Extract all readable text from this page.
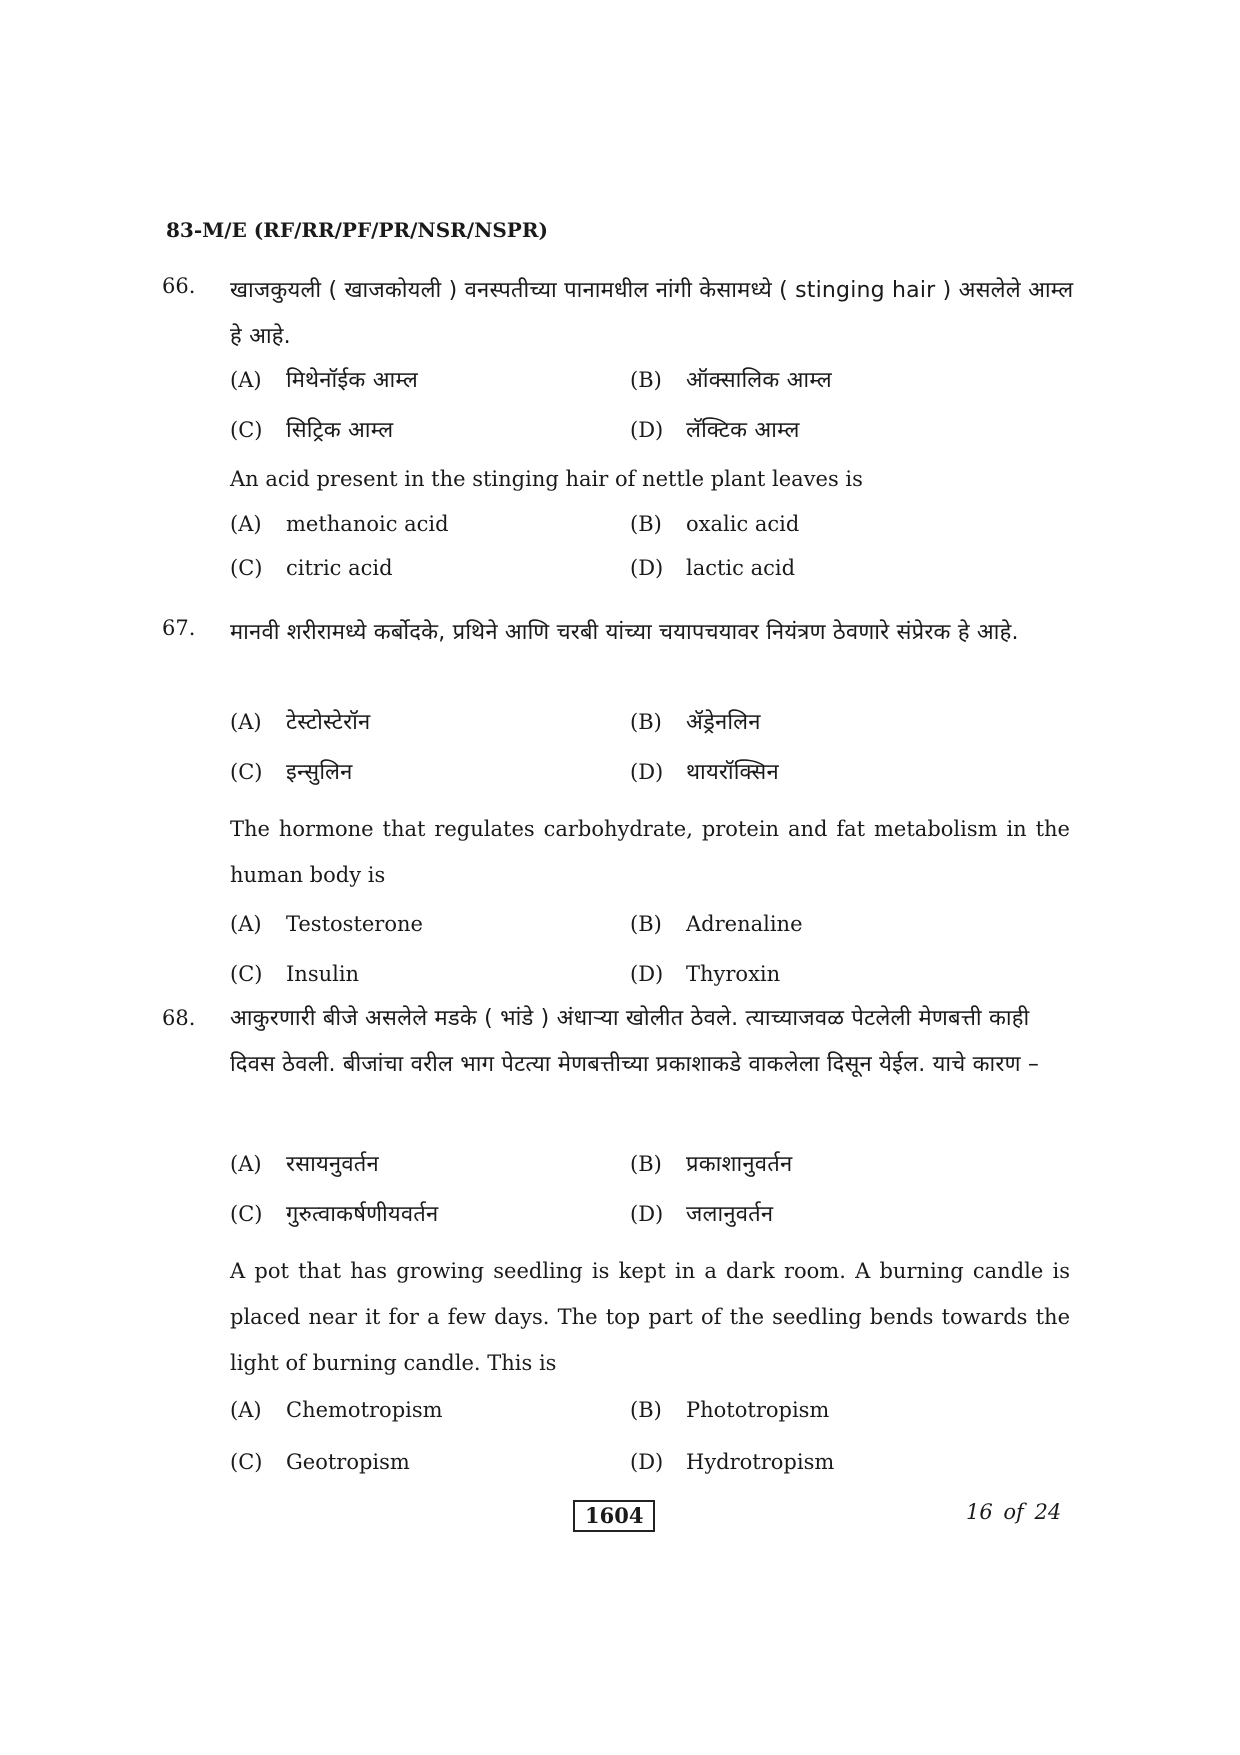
83-M/E (RF/RR/PF/PR/NSR/NSPR)
66. खाजकुयली ( खाजकोयली ) वनस्पतीच्या पानामधील नांगी केसामध्ये ( stinging hair ) असलेले आम्ल हे आहे.
(A) मिथेनॉईक आम्ल	(B) ऑक्सालिक आम्ल
(C) सिट्रिक आम्ल	(D) लॅक्टिक आम्ल
An acid present in the stinging hair of nettle plant leaves is
(A) methanoic acid	(B) oxalic acid
(C) citric acid	(D) lactic acid
67. मानवी शरीरामध्ये कर्बोदके, प्रथिने आणि चरबी यांच्या चयापचयावर नियंत्रण ठेवणारे संप्रेरक हे आहे.
(A) टेस्टोस्टेरॉन	(B) ॲड्रेनलिन
(C) इन्सुलिन	(D) थायरॉक्सिन
The hormone that regulates carbohydrate, protein and fat metabolism in the human body is
(A) Testosterone	(B) Adrenaline
(C) Insulin	(D) Thyroxin
68. आकुरणारी बीजे असलेले मडके ( भांडे ) अंधाऱ्या खोलीत ठेवले. त्याच्याजवळ पेटलेली मेणबत्ती काही दिवस ठेवली. बीजांचा वरील भाग पेटत्या मेणबत्तीच्या प्रकाशाकडे वाकलेला दिसून येईल. याचे कारण –
(A) रसायनुवर्तन	(B) प्रकाशानुवर्तन
(C) गुरुत्वाकर्षणीयवर्तन	(D) जलानुवर्तन
A pot that has growing seedling is kept in a dark room. A burning candle is placed near it for a few days. The top part of the seedling bends towards the light of burning candle. This is
(A) Chemotropism	(B) Phototropism
(C) Geotropism	(D) Hydrotropism
1604	16 of 24
